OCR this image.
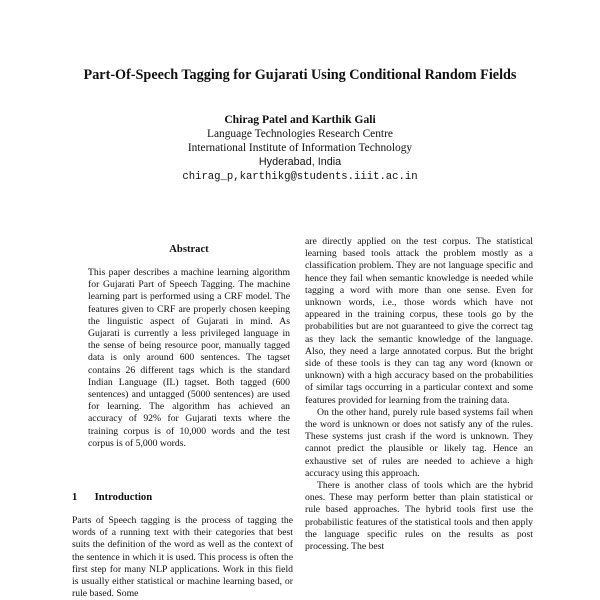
Part-Of-Speech Tagging for Gujarati Using Conditional Random Fields
Chirag Patel and Karthik Gali
Language Technologies Research Centre
International Institute of Information Technology
Hyderabad, India
chirag_p,karthikg@students.iiit.ac.in
Abstract

This paper describes a machine learning algorithm for Gujarati Part of Speech Tagging. The machine learning part is performed using a CRF model. The features given to CRF are properly chosen keeping the linguistic aspect of Gujarati in mind. As Gujarati is currently a less privileged language in the sense of being resource poor, manually tagged data is only around 600 sentences. The tagset contains 26 different tags which is the standard Indian Language (IL) tagset. Both tagged (600 sentences) and untagged (5000 sentences) are used for learning. The algorithm has achieved an accuracy of 92% for Gujarati texts where the training corpus is of 10,000 words and the test corpus is of 5,000 words.

1 Introduction

Parts of Speech tagging is the process of tagging the words of a running text with their categories that best suits the definition of the word as well as the context of the sentence in which it is used. This process is often the first step for many NLP applications. Work in this field is usually either statistical or machine learning based, or rule based. Some

are directly applied on the test corpus. The statistical learning based tools attack the problem mostly as a classification problem. They are not language specific and hence they fail when semantic knowledge is needed while tagging a word with more than one sense. Even for unknown words, i.e., those words which have not appeared in the training corpus, these tools go by the probabilities but are not guaranteed to give the correct tag as they lack the semantic knowledge of the language. Also, they need a large annotated corpus. But the bright side of these tools is they can tag any word (known or unknown) with a high accuracy based on the probabilities of similar tags occurring in a particular context and some features provided for learning from the training data.

On the other hand, purely rule based systems fail when the word is unknown or does not satisfy any of the rules. These systems just crash if the word is unknown. They cannot predict the plausible or likely tag. Hence an exhaustive set of rules are needed to achieve a high accuracy using this approach.

There is another class of tools which are the hybrid ones. These may perform better than plain statistical or rule based approaches. The hybrid tools first use the probabilistic features of the statistical tools and then apply the language specific rules on the results as post processing. The best
